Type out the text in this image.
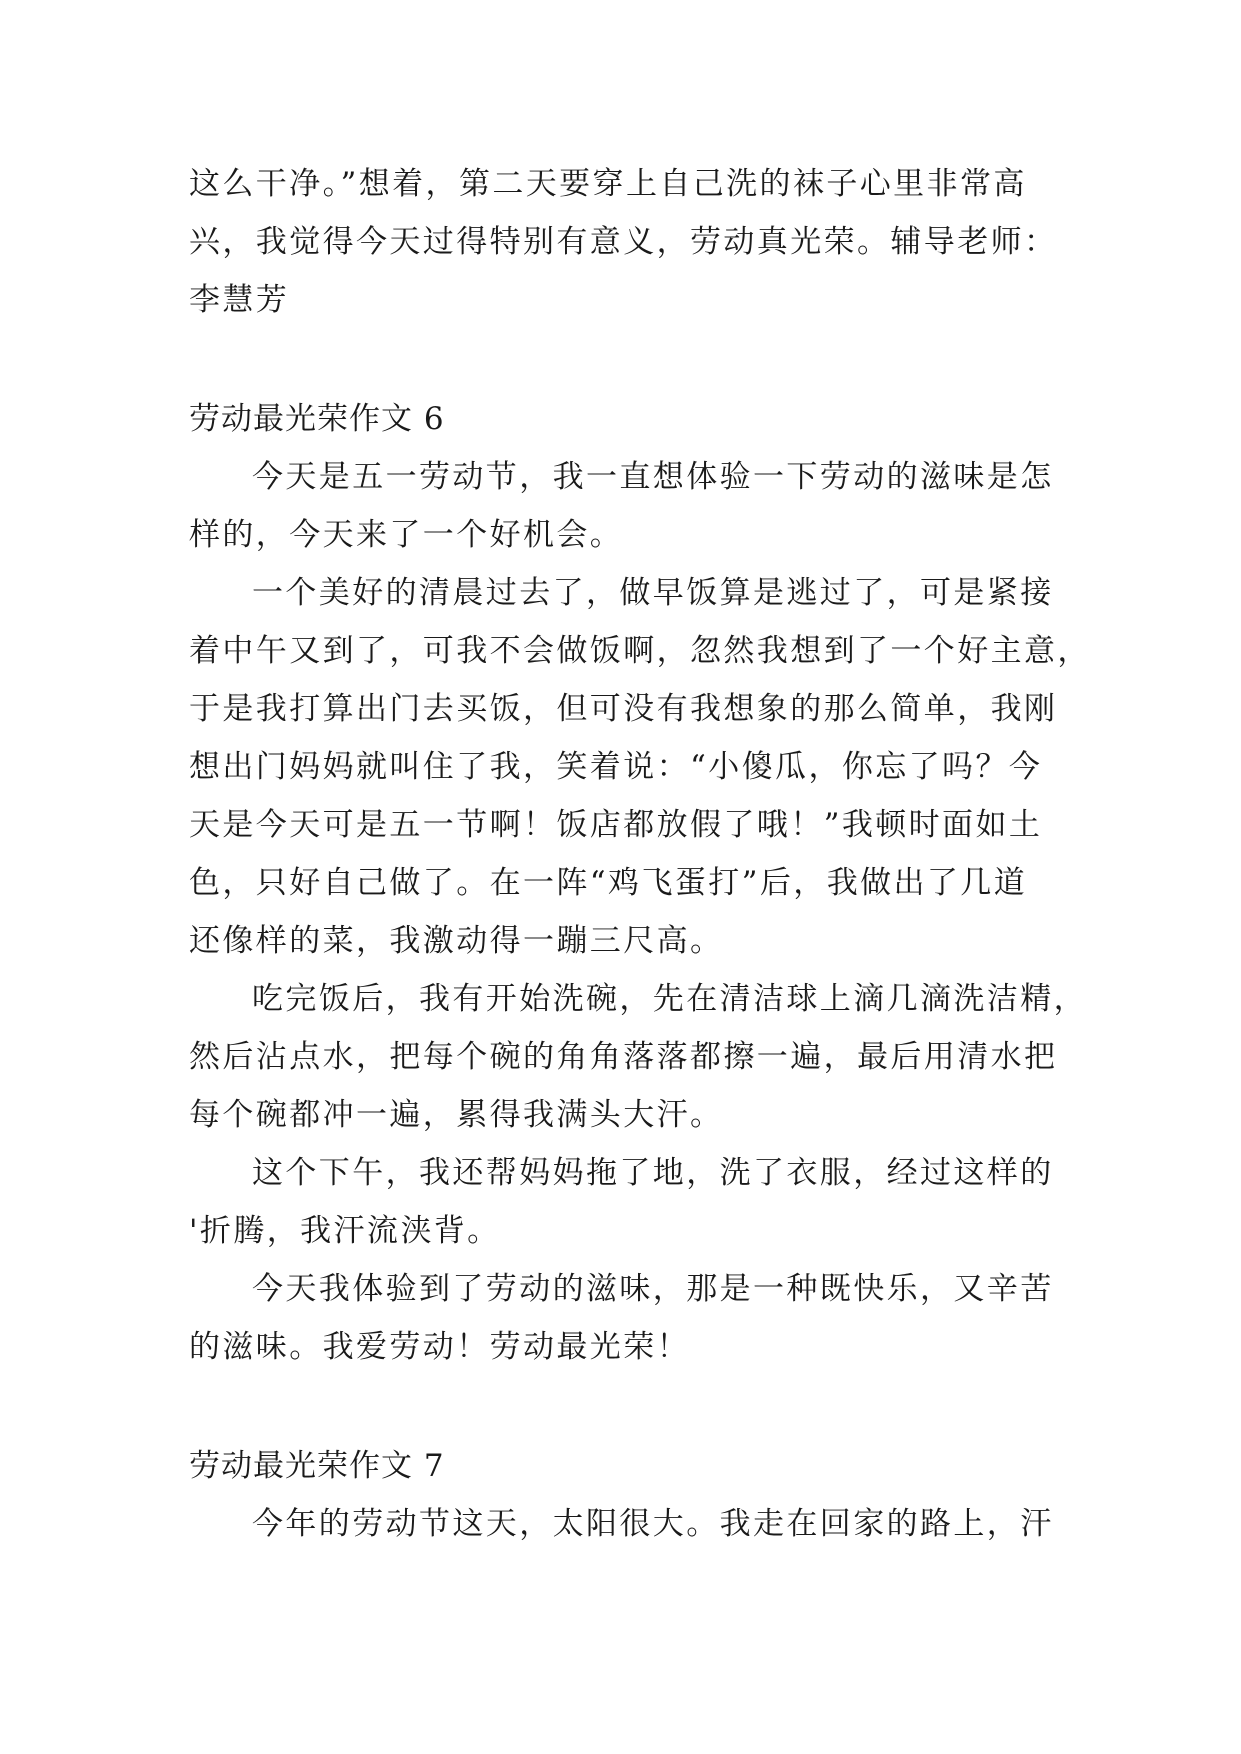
这么干净。”想着，第二天要穿上自己洗的袜子心里非常高
兴，我觉得今天过得特别有意义，劳动真光荣。辅导老师：
李慧芳
劳动最光荣作文 6
今天是五一劳动节，我一直想体验一下劳动的滋味是怎
样的，今天来了一个好机会。
一个美好的清晨过去了，做早饭算是逃过了，可是紧接
着中午又到了，可我不会做饭啊，忽然我想到了一个好主意，
于是我打算出门去买饭，但可没有我想象的那么简单，我刚
想出门妈妈就叫住了我，笑着说：“小傻瓜，你忘了吗？今
天是今天可是五一节啊！饭店都放假了哦！”我顿时面如土
色，只好自己做了。在一阵“鸡飞蛋打”后，我做出了几道
还像样的菜，我激动得一蹦三尺高。
吃完饭后，我有开始洗碗，先在清洁球上滴几滴洗洁精，
然后沾点水，把每个碗的角角落落都擦一遍，最后用清水把
每个碗都冲一遍，累得我满头大汗。
这个下午，我还帮妈妈拖了地，洗了衣服，经过这样的
'折腾，我汗流浃背。
今天我体验到了劳动的滋味，那是一种既快乐，又辛苦
的滋味。我爱劳动！劳动最光荣！
劳动最光荣作文 7
今年的劳动节这天，太阳很大。我走在回家的路上，汗
